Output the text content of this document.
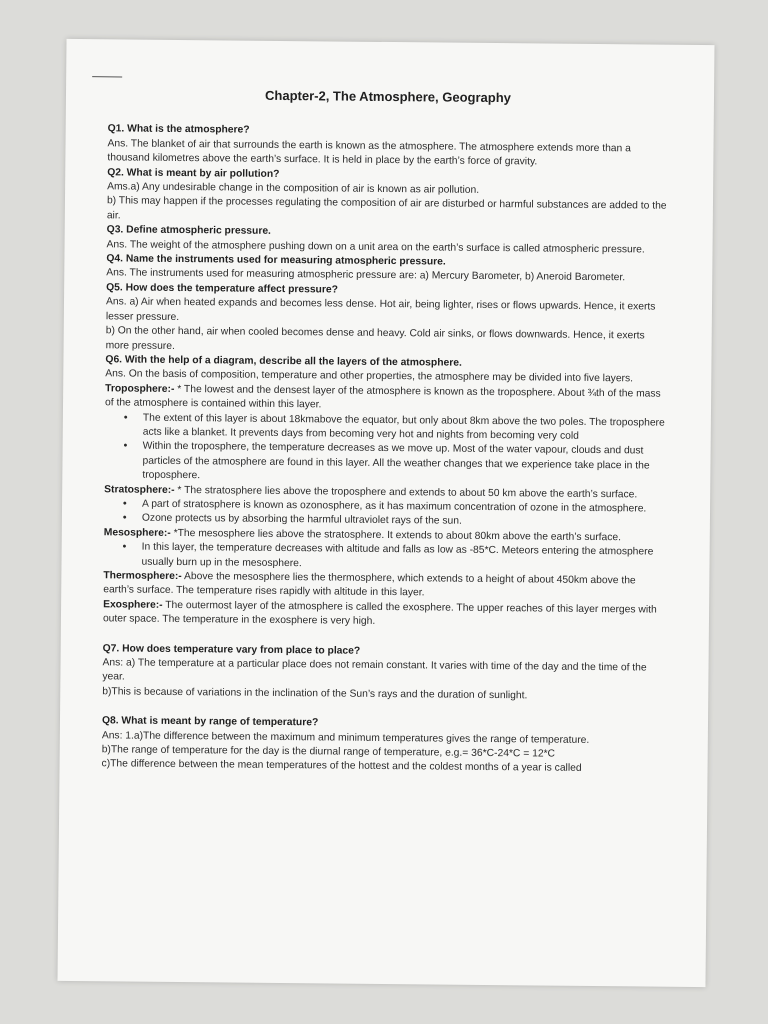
Chapter-2, The Atmosphere, Geography
Q1. What is the atmosphere?
Ans. The blanket of air that surrounds the earth is known as the atmosphere. The atmosphere extends more than a thousand kilometres above the earth’s surface. It is held in place by the earth’s force of gravity.
Q2. What is meant by air pollution?
Ams.a) Any undesirable change in the composition of air is known as air pollution.
b) This may happen if the processes regulating the composition of air are disturbed or harmful substances are added to the air.
Q3. Define atmospheric pressure.
Ans. The weight of the atmosphere pushing down on a unit area on the earth’s surface is called atmospheric pressure.
Q4. Name the instruments used for measuring atmospheric pressure.
Ans. The instruments used for measuring atmospheric pressure are: a) Mercury Barometer, b) Aneroid Barometer.
Q5. How does the temperature affect pressure?
Ans. a) Air when heated expands and becomes less dense. Hot air, being lighter, rises or flows upwards. Hence, it exerts lesser pressure.
b) On the other hand, air when cooled becomes dense and heavy. Cold air sinks, or flows downwards. Hence, it exerts more pressure.
Q6. With the help of a diagram, describe all the layers of the atmosphere.
Ans. On the basis of composition, temperature and other properties, the atmosphere may be divided into five layers.
Troposphere:- * The lowest and the densest layer of the atmosphere is known as the troposphere. About ¾th of the mass of the atmosphere is contained within this layer.
• The extent of this layer is about 18kmabove the equator, but only about 8km above the two poles. The troposphere acts like a blanket. It prevents days from becoming very hot and nights from becoming very cold
• Within the troposphere, the temperature decreases as we move up. Most of the water vapour, clouds and dust particles of the atmosphere are found in this layer. All the weather changes that we experience take place in the troposphere.
Stratosphere:- * The stratosphere lies above the troposphere and extends to about 50 km above the earth’s surface.
• A part of stratosphere is known as ozonosphere, as it has maximum concentration of ozone in the atmosphere.
• Ozone protects us by absorbing the harmful ultraviolet rays of the sun.
Mesosphere:- *The mesosphere lies above the stratosphere. It extends to about 80km above the earth’s surface.
• In this layer, the temperature decreases with altitude and falls as low as -85*C. Meteors entering the atmosphere usually burn up in the mesosphere.
Thermosphere:- Above the mesosphere lies the thermosphere, which extends to a height of about 450km above the earth’s surface. The temperature rises rapidly with altitude in this layer.
Exosphere:- The outermost layer of the atmosphere is called the exosphere. The upper reaches of this layer merges with outer space. The temperature in the exosphere is very high.
Q7. How does temperature vary from place to place?
Ans: a) The temperature at a particular place does not remain constant. It varies with time of the day and the time of the year.
b)This is because of variations in the inclination of the Sun’s rays and the duration of sunlight.
Q8. What is meant by range of temperature?
Ans: 1.a)The difference between the maximum and minimum temperatures gives the range of temperature.
b)The range of temperature for the day is the diurnal range of temperature, e.g.= 36*C-24*C = 12*C
c)The difference between the mean temperatures of the hottest and the coldest months of a year is called
